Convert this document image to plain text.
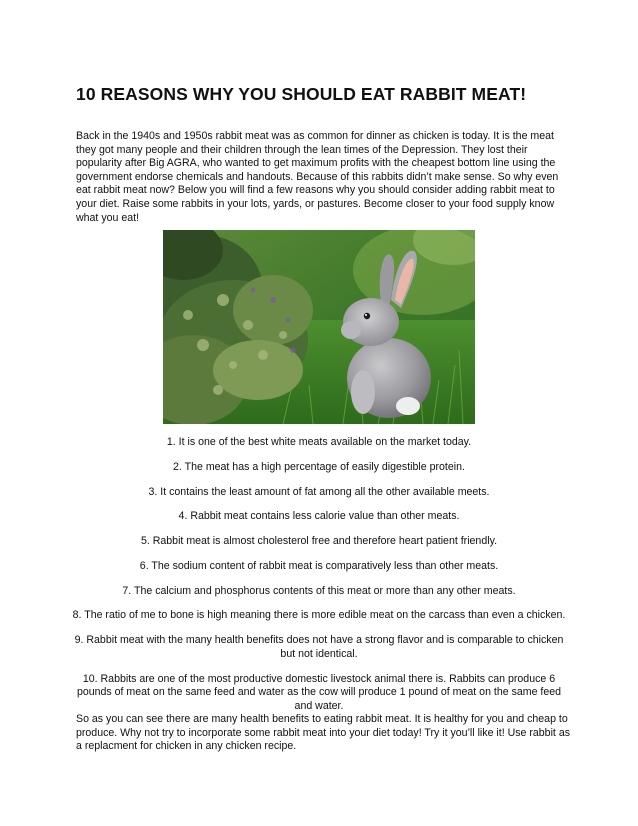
10 REASONS WHY YOU SHOULD EAT RABBIT MEAT!
Back in the 1940s and 1950s rabbit meat was as common for dinner as chicken is today. It is the meat they got many people and their children through the lean times of the Depression. They lost their popularity after Big AGRA, who wanted to get maximum profits with the cheapest bottom line using the government endorse chemicals and handouts. Because of this rabbits didn’t make sense. So why even eat rabbit meat now? Below you will find a few reasons why you should consider adding rabbit meat to your diet. Raise some rabbits in your lots, yards, or pastures. Become closer to your food supply know what you eat!
1. It is one of the best white meats available on the market today.
2. The meat has a high percentage of easily digestible protein.
3. It contains the least amount of fat among all the other available meets.
4. Rabbit meat contains less calorie value than other meats.
5. Rabbit meat is almost cholesterol free and therefore heart patient friendly.
6. The sodium content of rabbit meat is comparatively less than other meats.
7. The calcium and phosphorus contents of this meat or more than any other meats.
8. The ratio of me to bone is high meaning there is more edible meat on the carcass than even a chicken.
9. Rabbit meat with the many health benefits does not have a strong flavor and is comparable to chicken but not identical.
10. Rabbits are one of the most productive domestic livestock animal there is. Rabbits can produce 6 pounds of meat on the same feed and water as the cow will produce 1 pound of meat on the same feed and water.
So as you can see there are many health benefits to eating rabbit meat. It is healthy for you and cheap to produce. Why not try to incorporate some rabbit meat into your diet today! Try it you’ll like it! Use rabbit as a replacment for chicken in any chicken recipe.
